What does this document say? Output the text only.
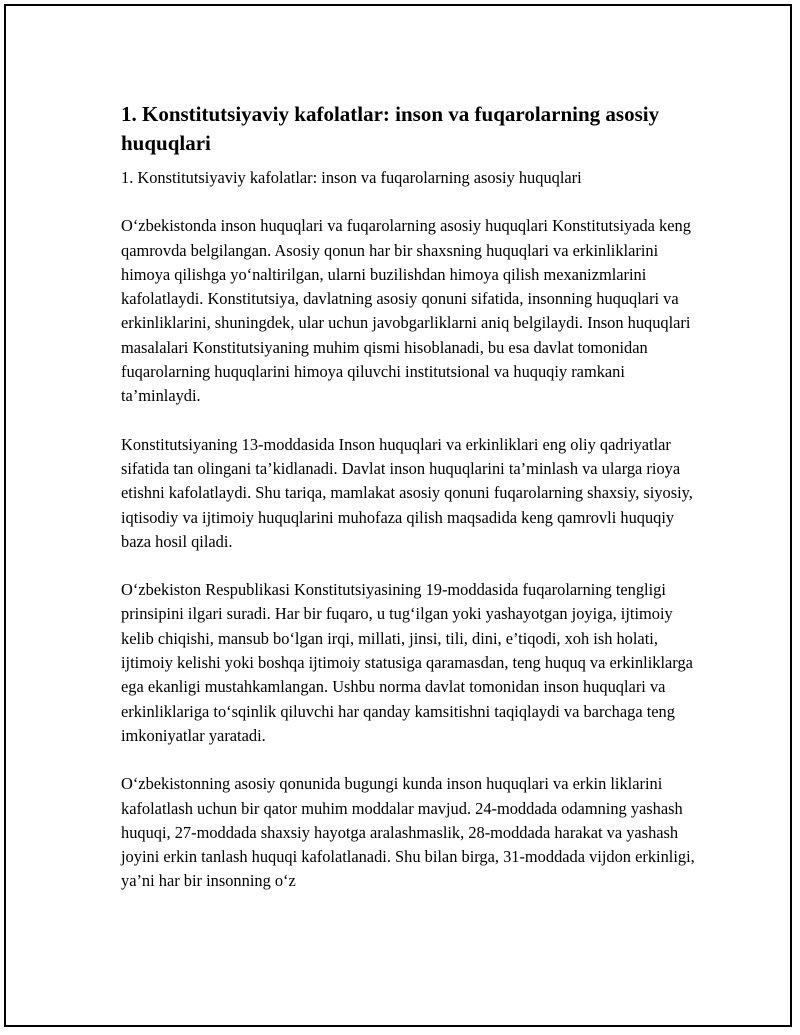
1. Konstitutsiyaviy kafolatlar: inson va fuqarolarning asosiy huquqlari

1. Konstitutsiyaviy kafolatlar: inson va fuqarolarning asosiy huquqlari

O‘zbekistonda inson huquqlari va fuqarolarning asosiy huquqlari Konstitutsiyada keng qamrovda belgilangan. Asosiy qonun har bir shaxsning huquqlari va erkinliklarini himoya qilishga yo‘naltirilgan, ularni buzilishdan himoya qilish mexanizmlarini kafolatlaydi. Konstitutsiya, davlatning asosiy qonuni sifatida, insonning huquqlari va erkinliklarini, shuningdek, ular uchun javobgarliklarni aniq belgilaydi. Inson huquqlari masalalari Konstitutsiyaning muhim qismi hisoblanadi, bu esa davlat tomonidan fuqarolarning huquqlarini himoya qiluvchi institutsional va huquqiy ramkani ta’minlaydi.

Konstitutsiyaning 13-moddasida Inson huquqlari va erkinliklari eng oliy qadriyatlar sifatida tan olingani ta’kidlanadi. Davlat inson huquqlarini ta’minlash va ularga rioya etishni kafolatlaydi. Shu tariqa, mamlakat asosiy qonuni fuqarolarning shaxsiy, siyosiy, iqtisodiy va ijtimoiy huquqlarini muhofaza qilish maqsadida keng qamrovli huquqiy baza hosil qiladi.

O‘zbekiston Respublikasi Konstitutsiyasining 19-moddasida fuqarolarning tengligi prinsipini ilgari suradi. Har bir fuqaro, u tug‘ilgan yoki yashayotgan joyiga, ijtimoiy kelib chiqishi, mansub bo‘lgan irqi, millati, jinsi, tili, dini, e’tiqodi, xoh ish holati, ijtimoiy kelishi yoki boshqa ijtimoiy statusiga qaramasdan, teng huquq va erkinliklarga ega ekanligi mustahkamlangan. Ushbu norma davlat tomonidan inson huquqlari va erkinliklariga to‘sqinlik qiluvchi har qanday kamsitishni taqiqlaydi va barchaga teng imkoniyatlar yaratadi.

O‘zbekistonning asosiy qonunida bugungi kunda inson huquqlari va erkin liklarini kafolatlash uchun bir qator muhim moddalar mavjud. 24-moddada odamning yashash huquqi, 27-moddada shaxsiy hayotga aralashmaslik, 28-moddada harakat va yashash joyini erkin tanlash huquqi kafolatlanadi. Shu bilan birga, 31-moddada vijdon erkinligi, ya’ni har bir insonning o‘z
